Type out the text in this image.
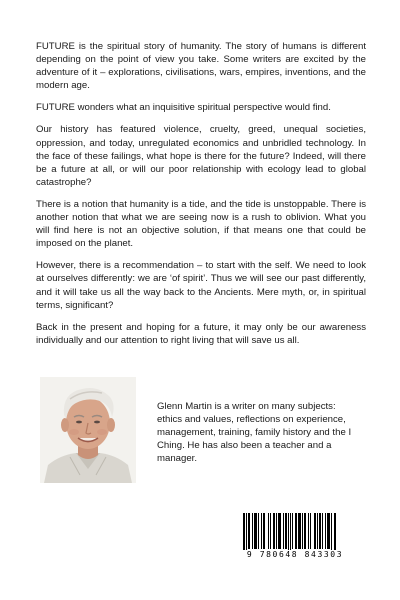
FUTURE is the spiritual story of humanity. The story of humans is different depending on the point of view you take. Some writers are excited by the adventure of it – explorations, civilisations, wars, empires, inventions, and the modern age.

FUTURE wonders what an inquisitive spiritual perspective would find.

Our history has featured violence, cruelty, greed, unequal societies, oppression, and today, unregulated economics and unbridled technology. In the face of these failings, what hope is there for the future? Indeed, will there be a future at all, or will our poor relationship with ecology lead to global catastrophe?

There is a notion that humanity is a tide, and the tide is unstoppable. There is another notion that what we are seeing now is a rush to oblivion. What you will find here is not an objective solution, if that means one that could be imposed on the planet.

However, there is a recommendation – to start with the self. We need to look at ourselves differently: we are ‘of spirit’. Thus we will see our past differently, and it will take us all the way back to the Ancients. Mere myth, or, in spiritual terms, significant?

Back in the present and hoping for a future, it may only be our awareness individually and our attention to right living that will save us all.

Glenn Martin is a writer on many subjects: ethics and values, reflections on experience, management, training, family history and the I Ching. He has also been a teacher and a manager.
9 780648 843303
